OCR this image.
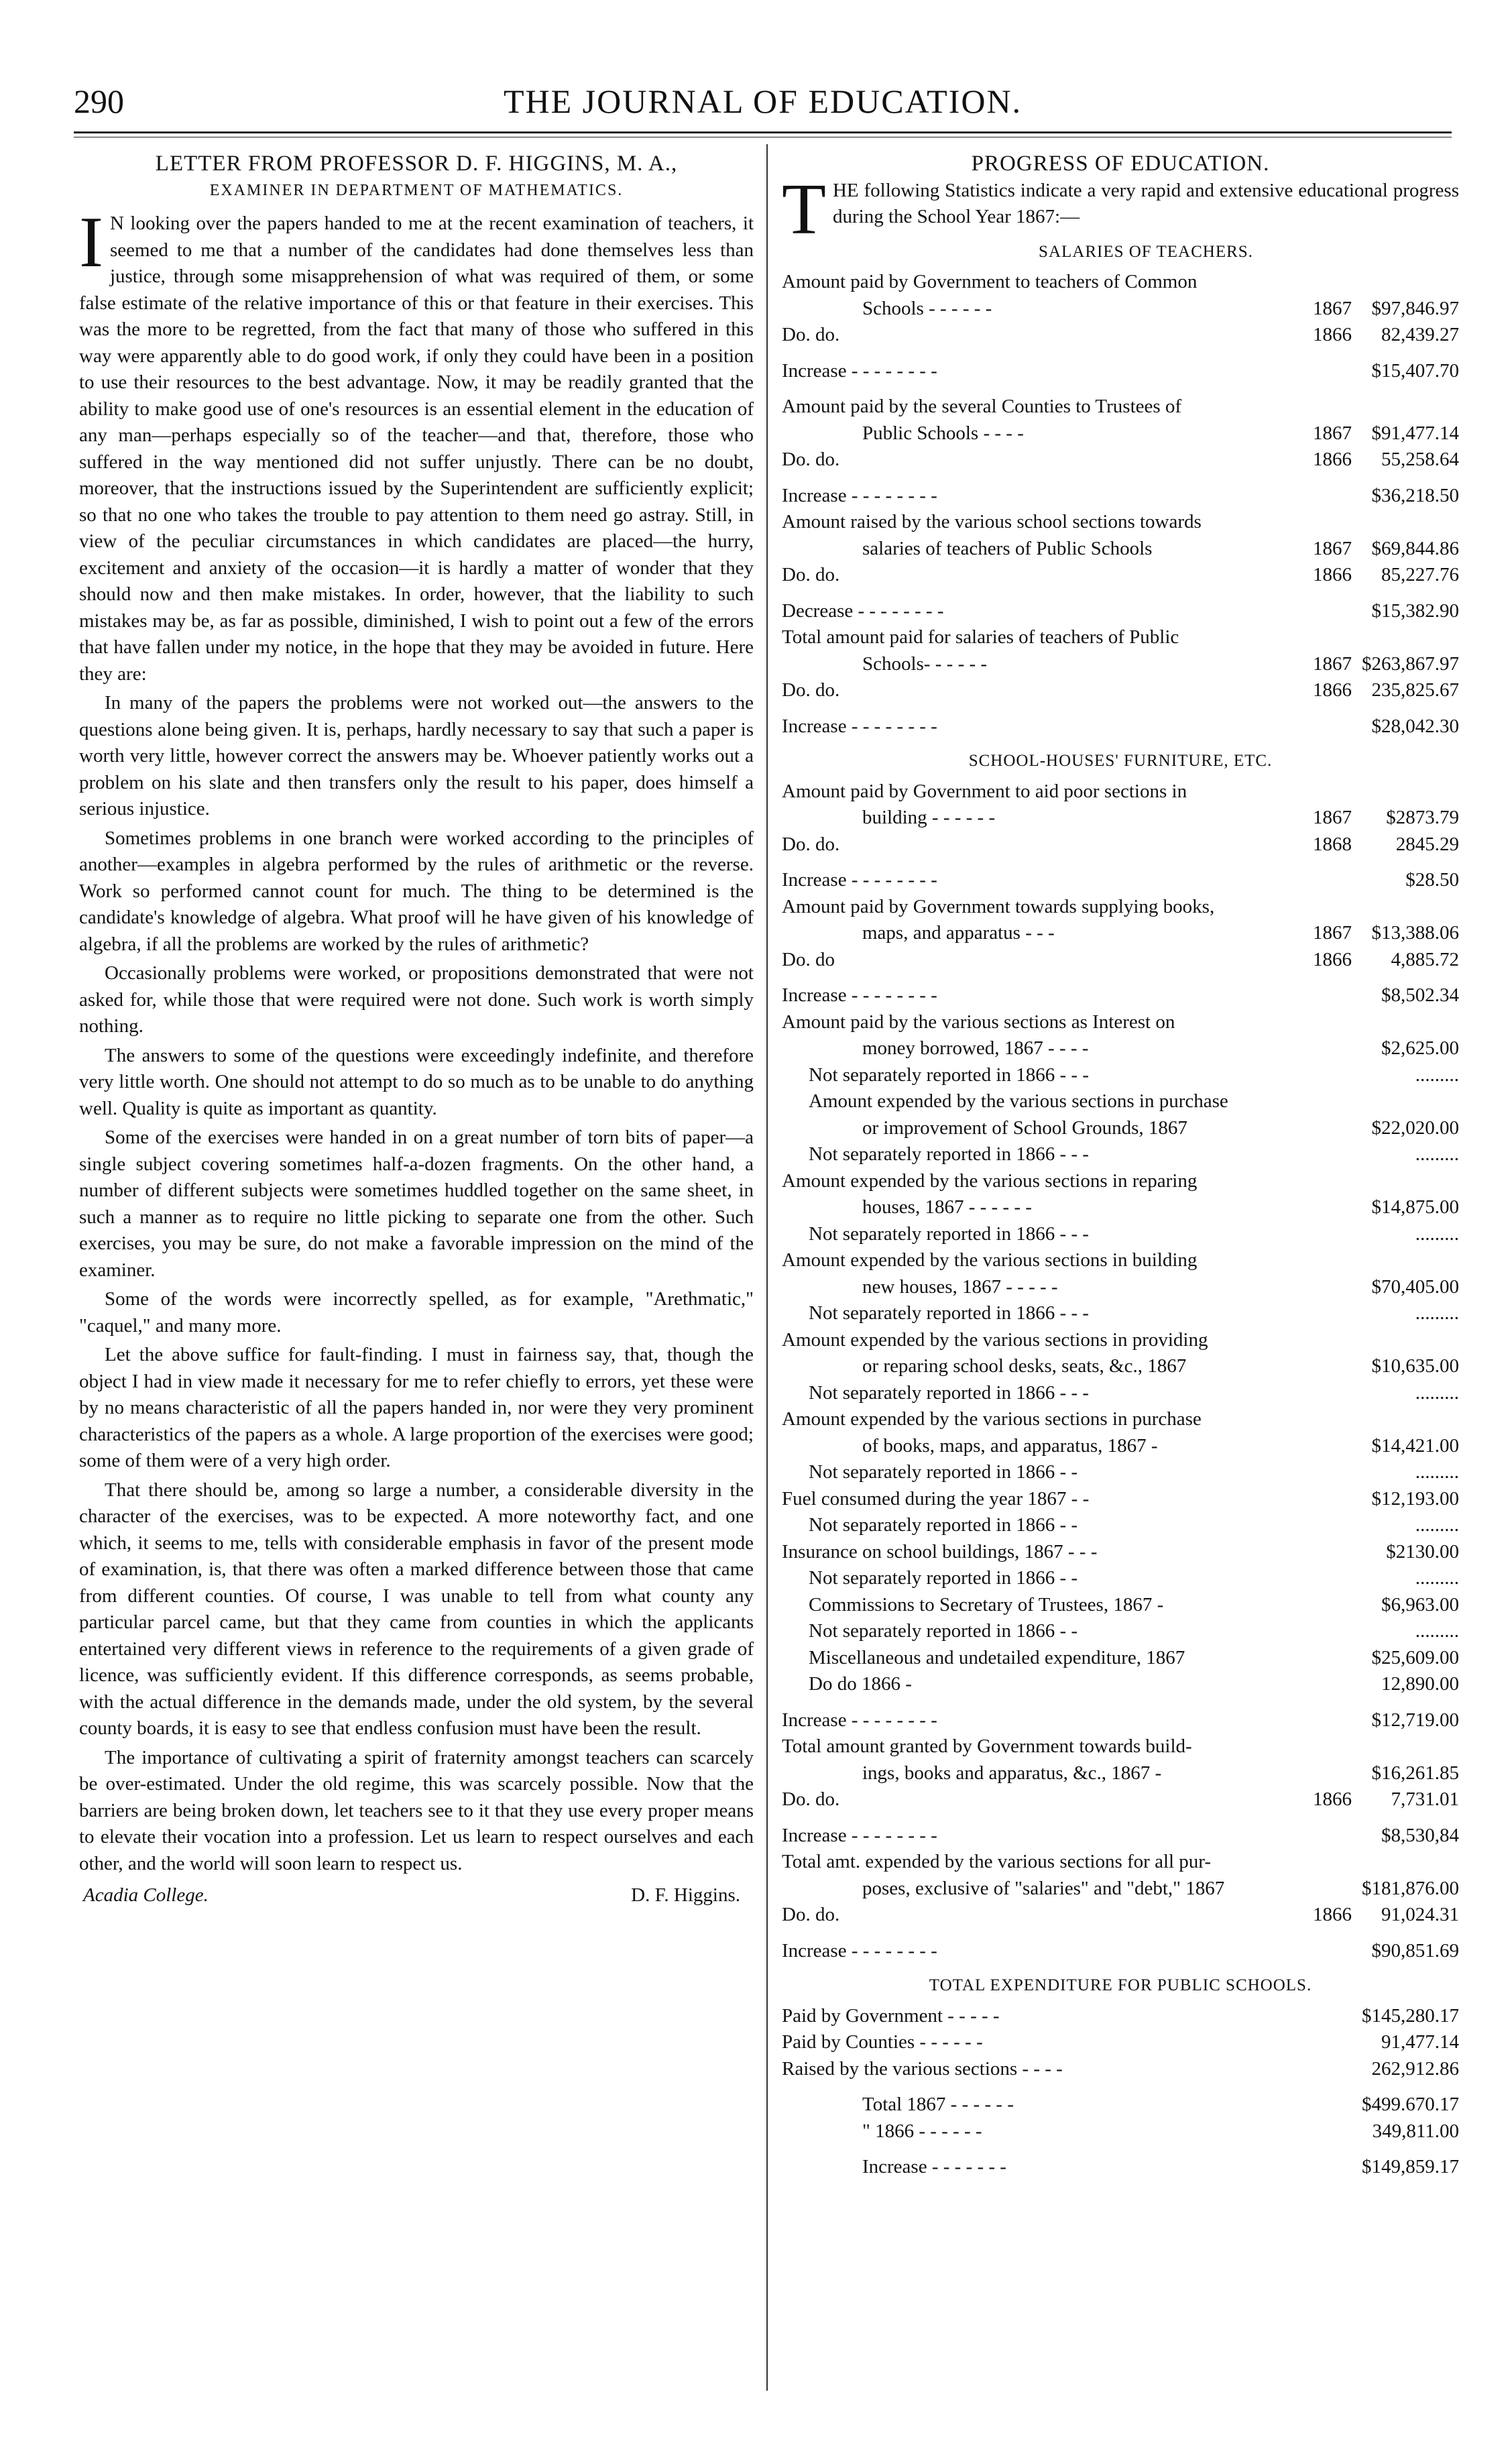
290	THE JOURNAL OF EDUCATION.
LETTER FROM PROFESSOR D. F. HIGGINS, M. A.,
EXAMINER IN DEPARTMENT OF MATHEMATICS.

I N looking over the papers handed to me at the recent examination of teachers, it seemed to me that a number of the candidates had done themselves less than justice, through some misapprehension of what was required of them, or some false estimate of the relative importance of this or that feature in their exercises. This was the more to be regretted, from the fact that many of those who suffered in this way were apparently able to do good work, if only they could have been in a position to use their resources to the best advantage. Now, it may be readily granted that the ability to make good use of one's resources is an essential element in the education of any man—perhaps especially so of the teacher—and that, therefore, those who suffered in the way mentioned did not suffer unjustly. There can be no doubt, moreover, that the instructions issued by the Superintendent are sufficiently explicit; so that no one who takes the trouble to pay attention to them need go astray. Still, in view of the peculiar circumstances in which candidates are placed—the hurry, excitement and anxiety of the occasion—it is hardly a matter of wonder that they should now and then make mistakes. In order, however, that the liability to such mistakes may be, as far as possible, diminished, I wish to point out a few of the errors that have fallen under my notice, in the hope that they may be avoided in future. Here they are:

In many of the papers the problems were not worked out—the answers to the questions alone being given. It is, perhaps, hardly necessary to say that such a paper is worth very little, however correct the answers may be. Whoever patiently works out a problem on his slate and then transfers only the result to his paper, does himself a serious injustice.

Sometimes problems in one branch were worked according to the principles of another—examples in algebra performed by the rules of arithmetic or the reverse. Work so performed cannot count for much. The thing to be determined is the candidate's knowledge of algebra. What proof will he have given of his knowledge of algebra, if all the problems are worked by the rules of arithmetic?

Occasionally problems were worked, or propositions demonstrated that were not asked for, while those that were required were not done. Such work is worth simply nothing.

The answers to some of the questions were exceedingly indefinite, and therefore very little worth. One should not attempt to do so much as to be unable to do anything well. Quality is quite as important as quantity.

Some of the exercises were handed in on a great number of torn bits of paper—a single subject covering sometimes half-a-dozen fragments. On the other hand, a number of different subjects were sometimes huddled together on the same sheet, in such a manner as to require no little picking to separate one from the other. Such exercises, you may be sure, do not make a favorable impression on the mind of the examiner.

Some of the words were incorrectly spelled, as for example, "Arethmatic," "caquel," and many more.

Let the above suffice for fault-finding. I must in fairness say, that, though the object I had in view made it necessary for me to refer chiefly to errors, yet these were by no means characteristic of all the papers handed in, nor were they very prominent characteristics of the papers as a whole. A large proportion of the exercises were good; some of them were of a very high order.

That there should be, among so large a number, a considerable diversity in the character of the exercises, was to be expected. A more noteworthy fact, and one which, it seems to me, tells with considerable emphasis in favor of the present mode of examination, is, that there was often a marked difference between those that came from different counties. Of course, I was unable to tell from what county any particular parcel came, but that they came from counties in which the applicants entertained very different views in reference to the requirements of a given grade of licence, was sufficiently evident. If this difference corresponds, as seems probable, with the actual difference in the demands made, under the old system, by the several county boards, it is easy to see that endless confusion must have been the result.

The importance of cultivating a spirit of fraternity amongst teachers can scarcely be over-estimated. Under the old regime, this was scarcely possible. Now that the barriers are being broken down, let teachers see to it that they use every proper means to elevate their vocation into a profession. Let us learn to respect ourselves and each other, and the world will soon learn to respect us.

Acadia College.	D. F. Higgins.
PROGRESS OF EDUCATION.
T HE following Statistics indicate a very rapid and extensive educational progress during the School Year 1867:—
SALARIES OF TEACHERS.
Amount paid by Government to teachers of Common
Schools - - - - - -	1867	$97,846.97
Do. do.	1866	82,439.27
Increase - - - - - - - -	$15,407.70
Amount paid by the several Counties to Trustees of
Public Schools - - - -	1867	$91,477.14
Do. do.	1866	55,258.64
Increase - - - - - - - -	$36,218.50
Amount raised by the various school sections towards
salaries of teachers of Public Schools	1867	$69,844.86
Do. do.	1866	85,227.76
Decrease - - - - - - - -	$15,382.90
Total amount paid for salaries of teachers of Public
Schools- - - - - -	1867 $263,867.97
Do. do.	1866	235,825.67
Increase - - - - - - - -	$28,042.30
SCHOOL-HOUSES' FURNITURE, ETC.
Amount paid by Government to aid poor sections in
building - - - - - -	1867	$2873.79
Do. do.	1868	2845.29
Increase - - - - - - - -	$28.50
Amount paid by Government towards supplying books,
maps, and apparatus - - -	1867	$13,388.06
Do. do	1866	4,885.72
Increase - - - - - - - -	$8,502.34
Amount paid by the various sections as Interest on
money borrowed, 1867 - - - -	$2,625.00
Not separately reported in 1866 - - -	.........
Amount expended by the various sections in purchase
or improvement of School Grounds, 1867	$22,020.00
Not separately reported in 1866 - - -	.........
Amount expended by the various sections in reparing
houses, 1867 - - - - - -	$14,875.00
Not separately reported in 1866 - - -	.........
Amount expended by the various sections in building
new houses, 1867 - - - - -	$70,405.00
Not separately reported in 1866 - - -	.........
Amount expended by the various sections in providing
or reparing school desks, seats, &c., 1867	$10,635.00
Not separately reported in 1866 - - -	.........
Amount expended by the various sections in purchase
of books, maps, and apparatus, 1867 -	$14,421.00
Not separately reported in 1866 - -	.........
Fuel consumed during the year 1867 - -	$12,193.00
Not separately reported in 1866 - -	.........
Insurance on school buildings, 1867 - - -	$2130.00
Not separately reported in 1866 - -	.........
Commissions to Secretary of Trustees, 1867 -	$6,963.00
Not separately reported in 1866 - -	.........
Miscellaneous and undetailed expenditure, 1867	$25,609.00
Do do 1866 -	12,890.00
Increase - - - - - - - -	$12,719.00
Total amount granted by Government towards build-
ings, books and apparatus, &c., 1867 -	$16,261.85
Do. do.	1866	7,731.01
Increase - - - - - - - -	$8,530,84
Total amt. expended by the various sections for all pur-
poses, exclusive of "salaries" and "debt," 1867	$181,876.00
Do. do.	1866	91,024.31
Increase - - - - - - - -	$90,851.69
TOTAL EXPENDITURE FOR PUBLIC SCHOOLS.
Paid by Government - - - - -	$145,280.17
Paid by Counties - - - - - -	91,477.14
Raised by the various sections - - - -	262,912.86
Total 1867 - - - - - -	$499.670.17
" 1866 - - - - - -	349,811.00
Increase - - - - - - -	$149,859.17
